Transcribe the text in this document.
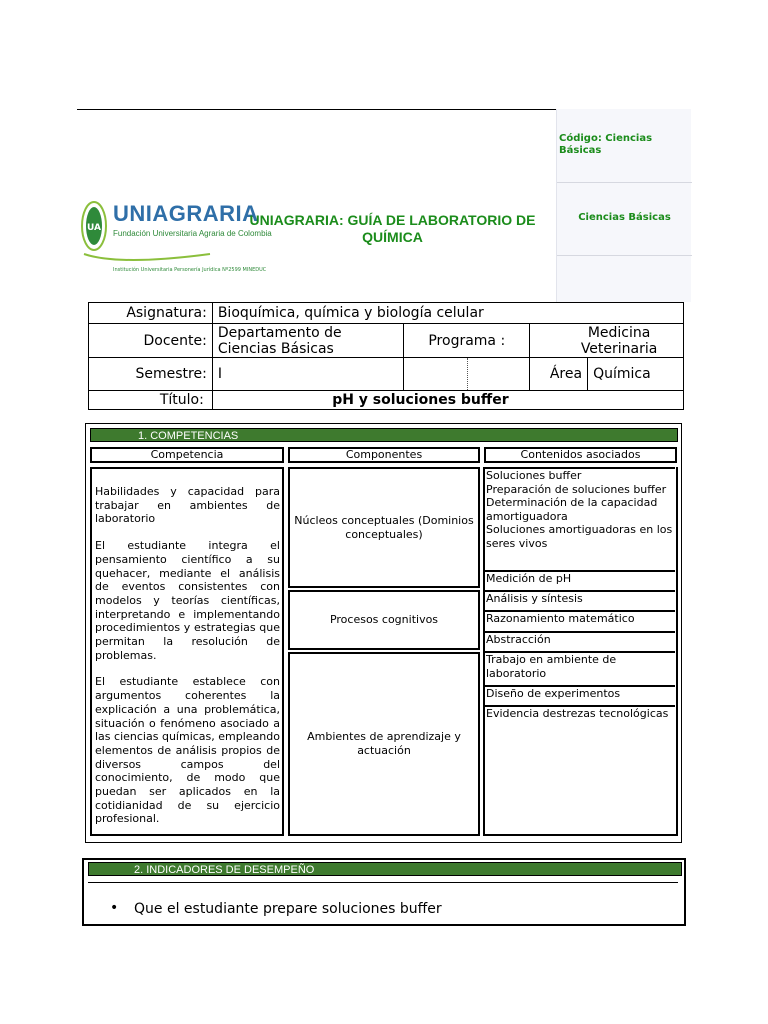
UA
UNIAGRARIA
Fundación Universitaria Agraria de Colombia
Institución Universitaria Personería Jurídica Nº2599 MINEDUC
UNIAGRARIA: GUÍA DE LABORATORIO DE QUÍMICA
Código: Ciencias Básicas
Ciencias Básicas
Asignatura:	Bioquímica, química y biología celular			
Docente:	Departamento de Ciencias Básicas	Programa :	Medicina Veterinaria	
Semestre:	I		Área	Química
Título:	pH y soluciones buffer			
1. COMPETENCIAS
Competencia	Componentes	Contenidos asociados
Habilidades y capacidad para trabajar en ambientes de laboratorio
El estudiante integra el pensamiento científico a su quehacer, mediante el análisis de eventos consistentes con modelos y teorías científicas, interpretando e implementando procedimientos y estrategias que permitan la resolución de problemas.
El estudiante establece con argumentos coherentes la explicación a una problemática, situación o fenómeno asociado a las ciencias químicas, empleando elementos de análisis propios de diversos campos del conocimiento, de modo que puedan ser aplicados en la cotidianidad de su ejercicio profesional.
Núcleos conceptuales (Dominios conceptuales)
Procesos cognitivos
Ambientes de aprendizaje y actuación
Soluciones buffer
Preparación de soluciones buffer
Determinación de la capacidad amortiguadora
Soluciones amortiguadoras en los seres vivos
Medición de pH
Análisis y síntesis
Razonamiento matemático
Abstracción
Trabajo en ambiente de laboratorio
Diseño de experimentos
Evidencia destrezas tecnológicas
2. INDICADORES DE DESEMPEÑO
• Que el estudiante prepare soluciones buffer
